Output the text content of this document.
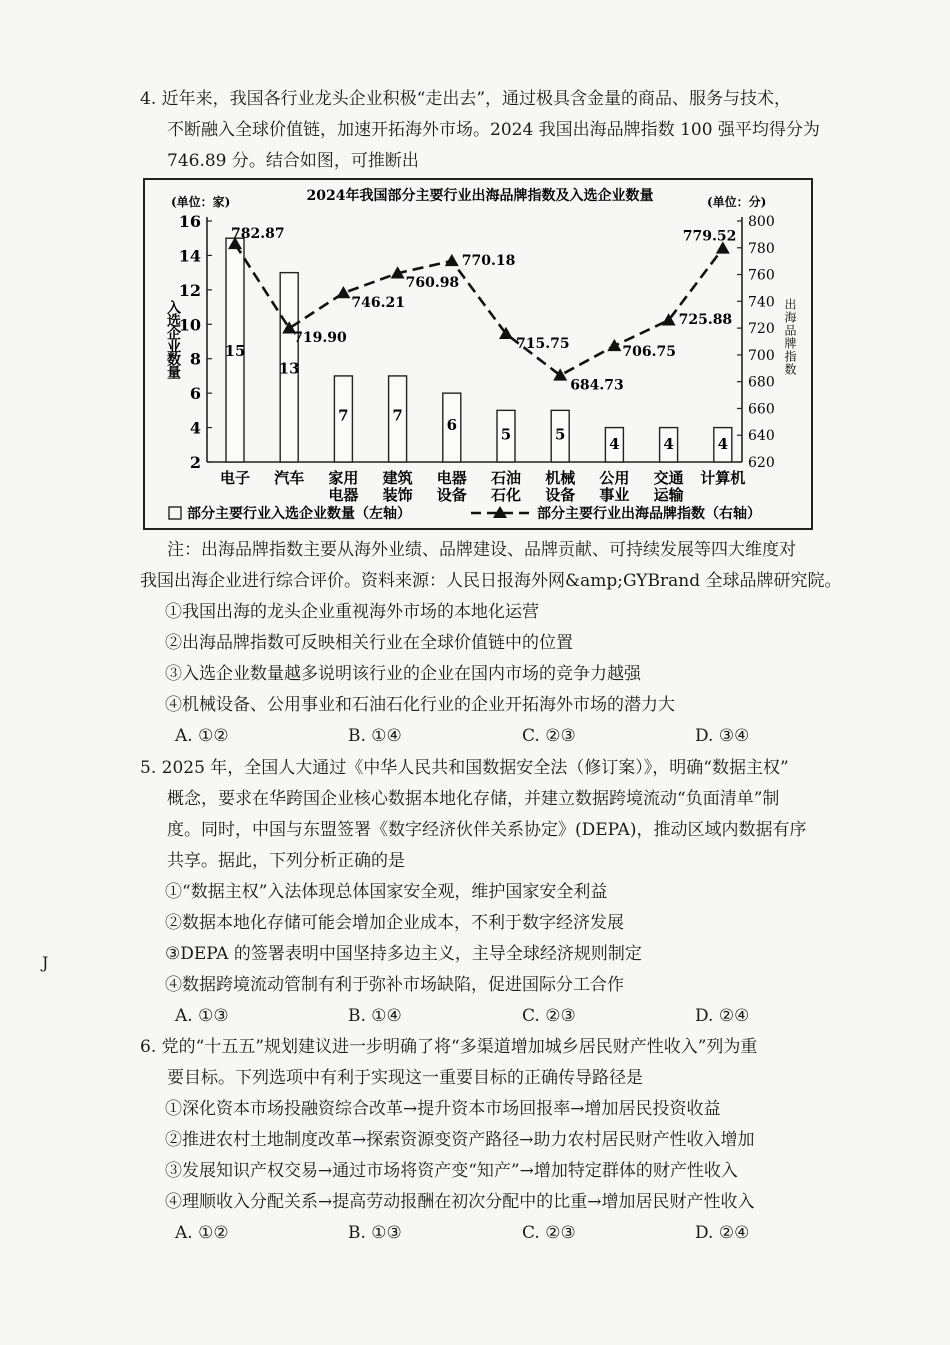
4. 近年来，我国各行业龙头企业积极“走出去”，通过极具含金量的商品、服务与技术，
不断融入全球价值链，加速开拓海外市场。2024 我国出海品牌指数 100 强平均得分为
746.89 分。结合如图，可推断出
2024年我国部分主要行业出海品牌指数及入选企业数量
(单位：家)	(单位：分)
2
4
6
8
10
12
14
16
620
640
660
680
700
720
740
760
780
800
入选企业数量	出海品牌指数
15
13
7	7
6
5	5
4	4	4
782.87
719.90
746.21
760.98
770.18
715.75
684.73
706.75
725.88
779.52
电子 汽车 家用
电器
建筑
装饰
电器
设备
石油
石化
机械
设备
公用
事业
交通
运输
计算机
部分主要行业入选企业数量（左轴）	部分主要行业出海品牌指数（右轴）
注：出海品牌指数主要从海外业绩、品牌建设、品牌贡献、可持续发展等四大维度对
我国出海企业进行综合评价。资料来源：人民日报海外网&amp;GYBrand 全球品牌研究院。
①我国出海的龙头企业重视海外市场的本地化运营
②出海品牌指数可反映相关行业在全球价值链中的位置
③入选企业数量越多说明该行业的企业在国内市场的竞争力越强
④机械设备、公用事业和石油石化行业的企业开拓海外市场的潜力大
A. ①②	B. ①④	C. ②③	D. ③④
5. 2025 年，全国人大通过《中华人民共和国数据安全法（修订案）》，明确“数据主权”
概念，要求在华跨国企业核心数据本地化存储，并建立数据跨境流动“负面清单”制
度。同时，中国与东盟签署《数字经济伙伴关系协定》(DEPA)，推动区域内数据有序
共享。据此，下列分析正确的是
①“数据主权”入法体现总体国家安全观，维护国家安全利益
②数据本地化存储可能会增加企业成本，不利于数字经济发展
③DEPA 的签署表明中国坚持多边主义，主导全球经济规则制定
④数据跨境流动管制有利于弥补市场缺陷，促进国际分工合作
A. ①③	B. ①④	C. ②③	D. ②④
J
6. 党的“十五五”规划建议进一步明确了将“多渠道增加城乡居民财产性收入”列为重
要目标。下列选项中有利于实现这一重要目标的正确传导路径是
①深化资本市场投融资综合改革→提升资本市场回报率→增加居民投资收益
②推进农村土地制度改革→探索资源变资产路径→助力农村居民财产性收入增加
③发展知识产权交易→通过市场将资产变“知产”→增加特定群体的财产性收入
④理顺收入分配关系→提高劳动报酬在初次分配中的比重→增加居民财产性收入
A. ①②	B. ①③	C. ②③	D. ②④
